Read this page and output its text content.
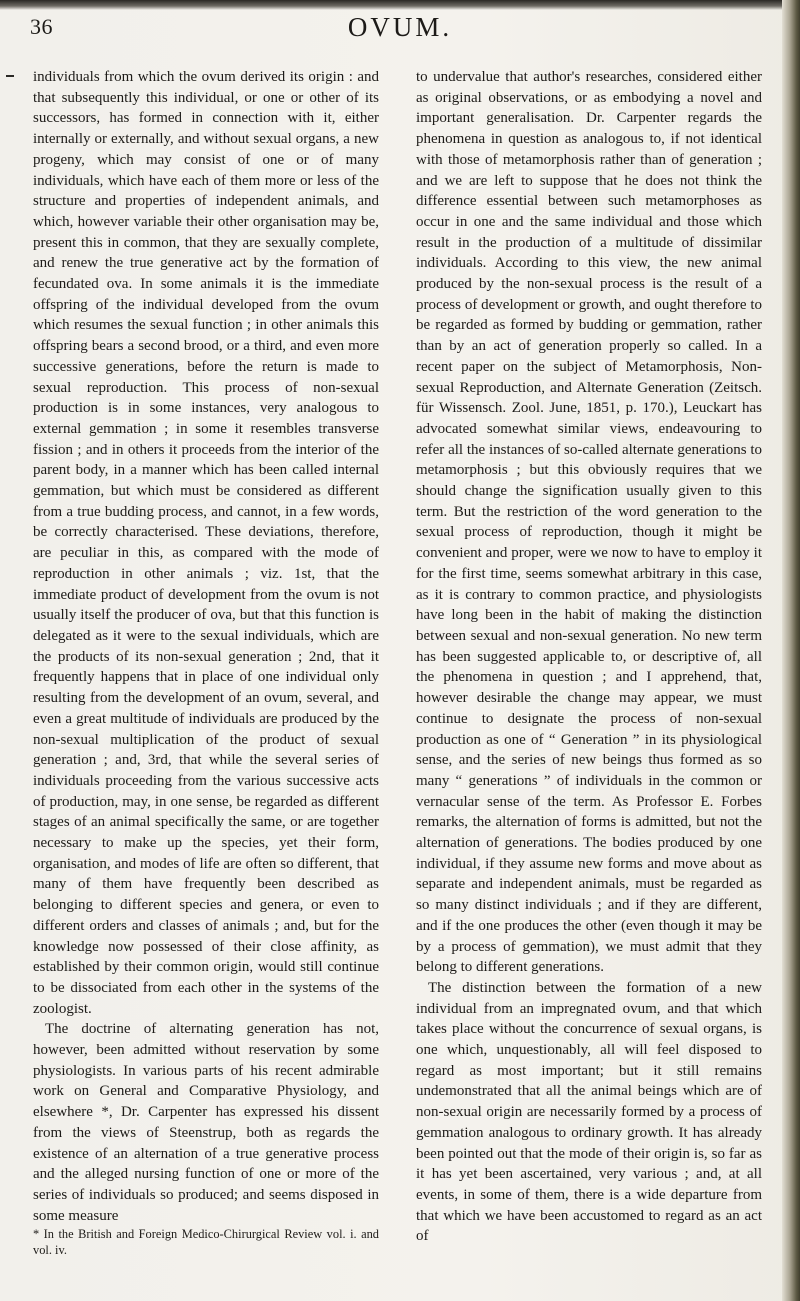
36	OVUM.

individuals from which the ovum derived its origin : and that subsequently this individual, or one or other of its successors, has formed in connection with it, either internally or externally, and without sexual organs, a new progeny, which may consist of one or of many individuals, which have each of them more or less of the structure and properties of independent animals, and which, however variable their other organisation may be, present this in common, that they are sexually complete, and renew the true generative act by the formation of fecundated ova. In some animals it is the immediate offspring of the individual developed from the ovum which resumes the sexual function ; in other animals this offspring bears a second brood, or a third, and even more successive generations, before the return is made to sexual reproduction. This process of non-sexual production is in some instances, very analogous to external gemmation ; in some it resembles transverse fission ; and in others it proceeds from the interior of the parent body, in a manner which has been called internal gemmation, but which must be considered as different from a true budding process, and cannot, in a few words, be correctly characterised. These deviations, therefore, are peculiar in this, as compared with the mode of reproduction in other animals ; viz. 1st, that the immediate product of development from the ovum is not usually itself the producer of ova, but that this function is delegated as it were to the sexual individuals, which are the products of its non-sexual generation ; 2nd, that it frequently happens that in place of one individual only resulting from the development of an ovum, several, and even a great multitude of individuals are produced by the non-sexual multiplication of the product of sexual generation ; and, 3rd, that while the several series of individuals proceeding from the various successive acts of production, may, in one sense, be regarded as different stages of an animal specifically the same, or are together necessary to make up the species, yet their form, organisation, and modes of life are often so different, that many of them have frequently been described as belonging to different species and genera, or even to different orders and classes of animals ; and, but for the knowledge now possessed of their close affinity, as established by their common origin, would still continue to be dissociated from each other in the systems of the zoologist.

The doctrine of alternating generation has not, however, been admitted without reservation by some physiologists. In various parts of his recent admirable work on General and Comparative Physiology, and elsewhere *, Dr. Carpenter has expressed his dissent from the views of Steenstrup, both as regards the existence of an alternation of a true generative process and the alleged nursing function of one or more of the series of individuals so produced; and seems disposed in some measure

* In the British and Foreign Medico-Chirurgical Review vol. i. and vol. iv.

to undervalue that author's researches, considered either as original observations, or as embodying a novel and important generalisation. Dr. Carpenter regards the phenomena in question as analogous to, if not identical with those of metamorphosis rather than of generation ; and we are left to suppose that he does not think the difference essential between such metamorphoses as occur in one and the same individual and those which result in the production of a multitude of dissimilar individuals. According to this view, the new animal produced by the non-sexual process is the result of a process of development or growth, and ought therefore to be regarded as formed by budding or gemmation, rather than by an act of generation properly so called. In a recent paper on the subject of Metamorphosis, Non-sexual Reproduction, and Alternate Generation (Zeitsch. für Wissensch. Zool. June, 1851, p. 170.), Leuckart has advocated somewhat similar views, endeavouring to refer all the instances of so-called alternate generations to metamorphosis ; but this obviously requires that we should change the signification usually given to this term. But the restriction of the word generation to the sexual process of reproduction, though it might be convenient and proper, were we now to have to employ it for the first time, seems somewhat arbitrary in this case, as it is contrary to common practice, and physiologists have long been in the habit of making the distinction between sexual and non-sexual generation. No new term has been suggested applicable to, or descriptive of, all the phenomena in question ; and I apprehend, that, however desirable the change may appear, we must continue to designate the process of non-sexual production as one of “ Generation ” in its physiological sense, and the series of new beings thus formed as so many “ generations ” of individuals in the common or vernacular sense of the term. As Professor E. Forbes remarks, the alternation of forms is admitted, but not the alternation of generations. The bodies produced by one individual, if they assume new forms and move about as separate and independent animals, must be regarded as so many distinct individuals ; and if they are different, and if the one produces the other (even though it may be by a process of gemmation), we must admit that they belong to different generations.

The distinction between the formation of a new individual from an impregnated ovum, and that which takes place without the concurrence of sexual organs, is one which, unquestionably, all will feel disposed to regard as most important; but it still remains undemonstrated that all the animal beings which are of non-sexual origin are necessarily formed by a process of gemmation analogous to ordinary growth. It has already been pointed out that the mode of their origin is, so far as it has yet been ascertained, very various ; and, at all events, in some of them, there is a wide departure from that which we have been accustomed to regard as an act of
